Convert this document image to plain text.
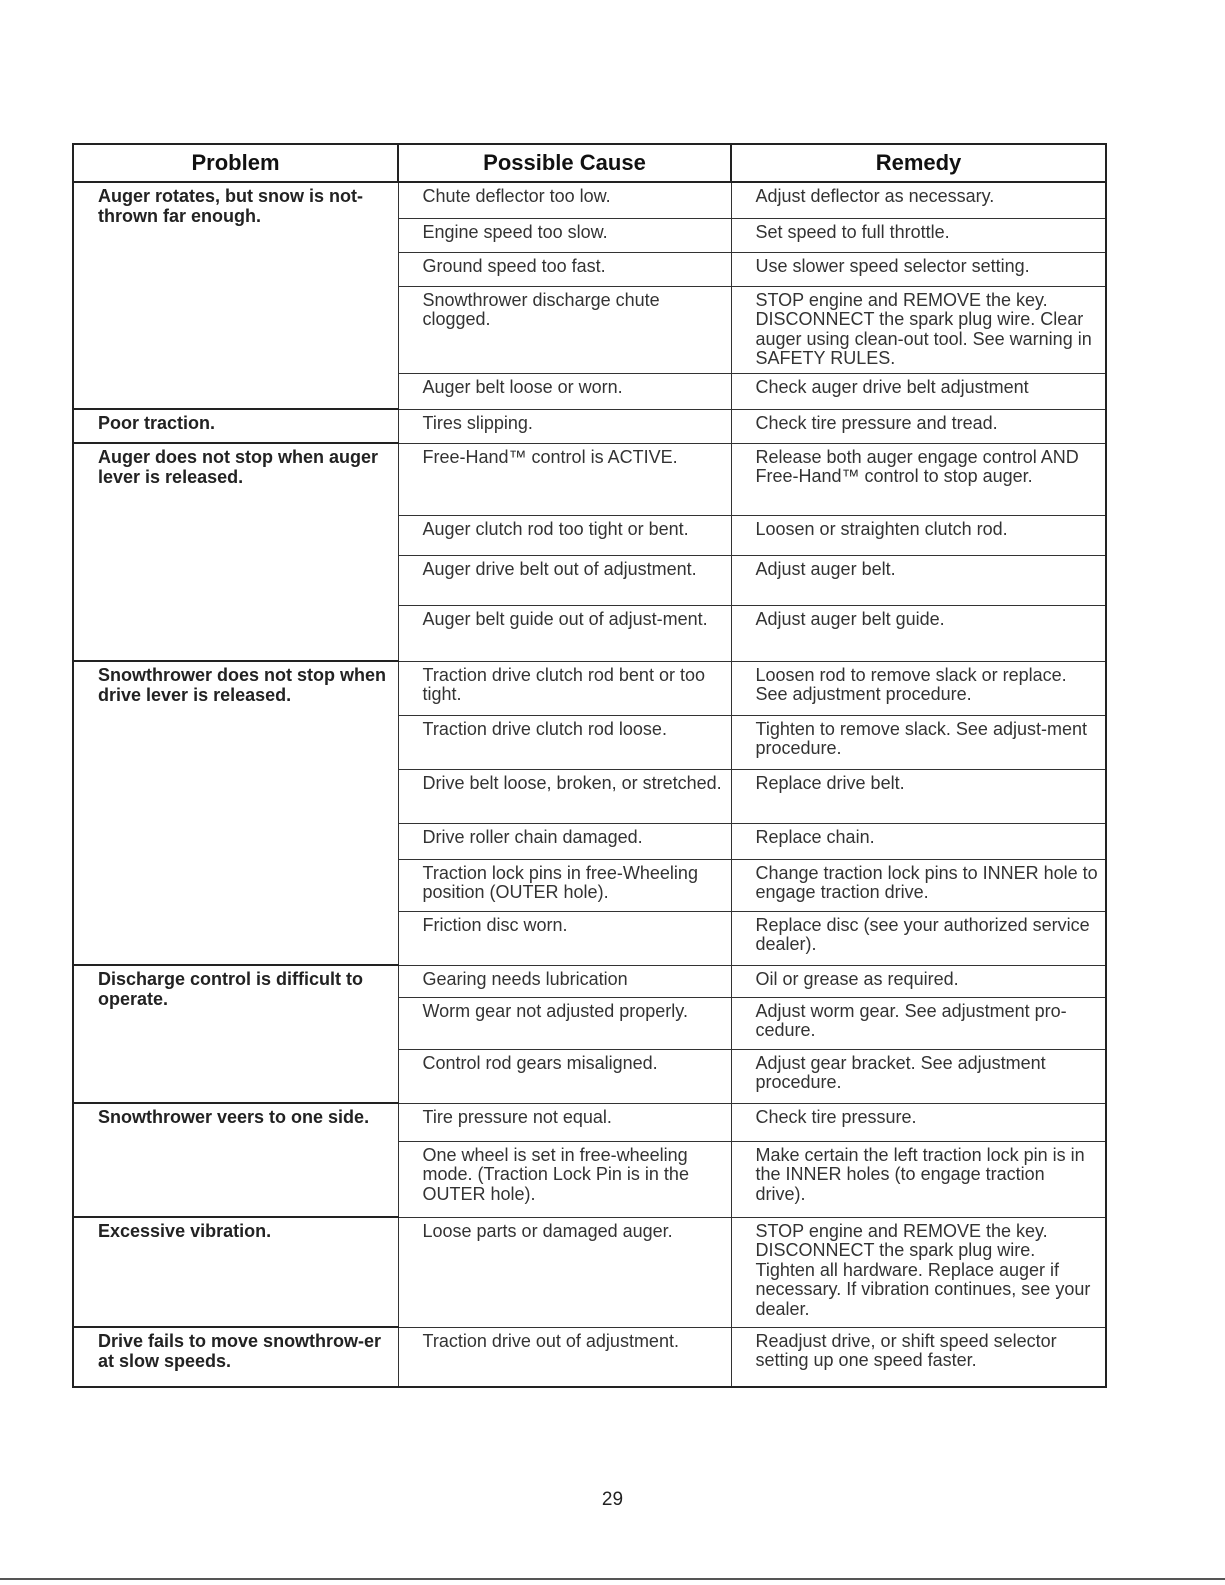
Problem	Possible Cause	Remedy
Auger rotates, but snow is not-thrown far enough.	Chute deflector too low.	Adjust deflector as necessary.
	Engine speed too slow.	Set speed to full throttle.
	Ground speed too fast.	Use slower speed selector setting.
	Snowthrower discharge chute clogged.	STOP engine and REMOVE the key. DISCONNECT the spark plug wire. Clear auger using clean-out tool. See warning in SAFETY RULES.
	Auger belt loose or worn.	Check auger drive belt adjustment
Poor traction.	Tires slipping.	Check tire pressure and tread.
Auger does not stop when auger lever is released.	Free-Hand™ control is ACTIVE.	Release both auger engage control AND Free-Hand™ control to stop auger.
	Auger clutch rod too tight or bent.	Loosen or straighten clutch rod.
	Auger drive belt out of adjustment.	Adjust auger belt.
	Auger belt guide out of adjust-ment.	Adjust auger belt guide.
Snowthrower does not stop when drive lever is released.	Traction drive clutch rod bent or too tight.	Loosen rod to remove slack or replace. See adjustment procedure.
	Traction drive clutch rod loose.	Tighten to remove slack. See adjust-ment procedure.
	Drive belt loose, broken, or stretched.	Replace drive belt.
	Drive roller chain damaged.	Replace chain.
	Traction lock pins in free-Wheeling position (OUTER hole).	Change traction lock pins to INNER hole to engage traction drive.
	Friction disc worn.	Replace disc (see your authorized service dealer).
Discharge control is difficult to operate.	Gearing needs lubrication	Oil or grease as required.
	Worm gear not adjusted properly.	Adjust worm gear. See adjustment pro-cedure.
	Control rod gears misaligned.	Adjust gear bracket. See adjustment procedure.
Snowthrower veers to one side.	Tire pressure not equal.	Check tire pressure.
	One wheel is set in free-wheeling mode. (Traction Lock Pin is in the OUTER hole).	Make certain the left traction lock pin is in the INNER holes (to engage traction drive).
Excessive vibration.	Loose parts or damaged auger.	STOP engine and REMOVE the key. DISCONNECT the spark plug wire. Tighten all hardware. Replace auger if necessary. If vibration continues, see your dealer.
Drive fails to move snowthrow-er at slow speeds.	Traction drive out of adjustment.	Readjust drive, or shift speed selector setting up one speed faster.
29
